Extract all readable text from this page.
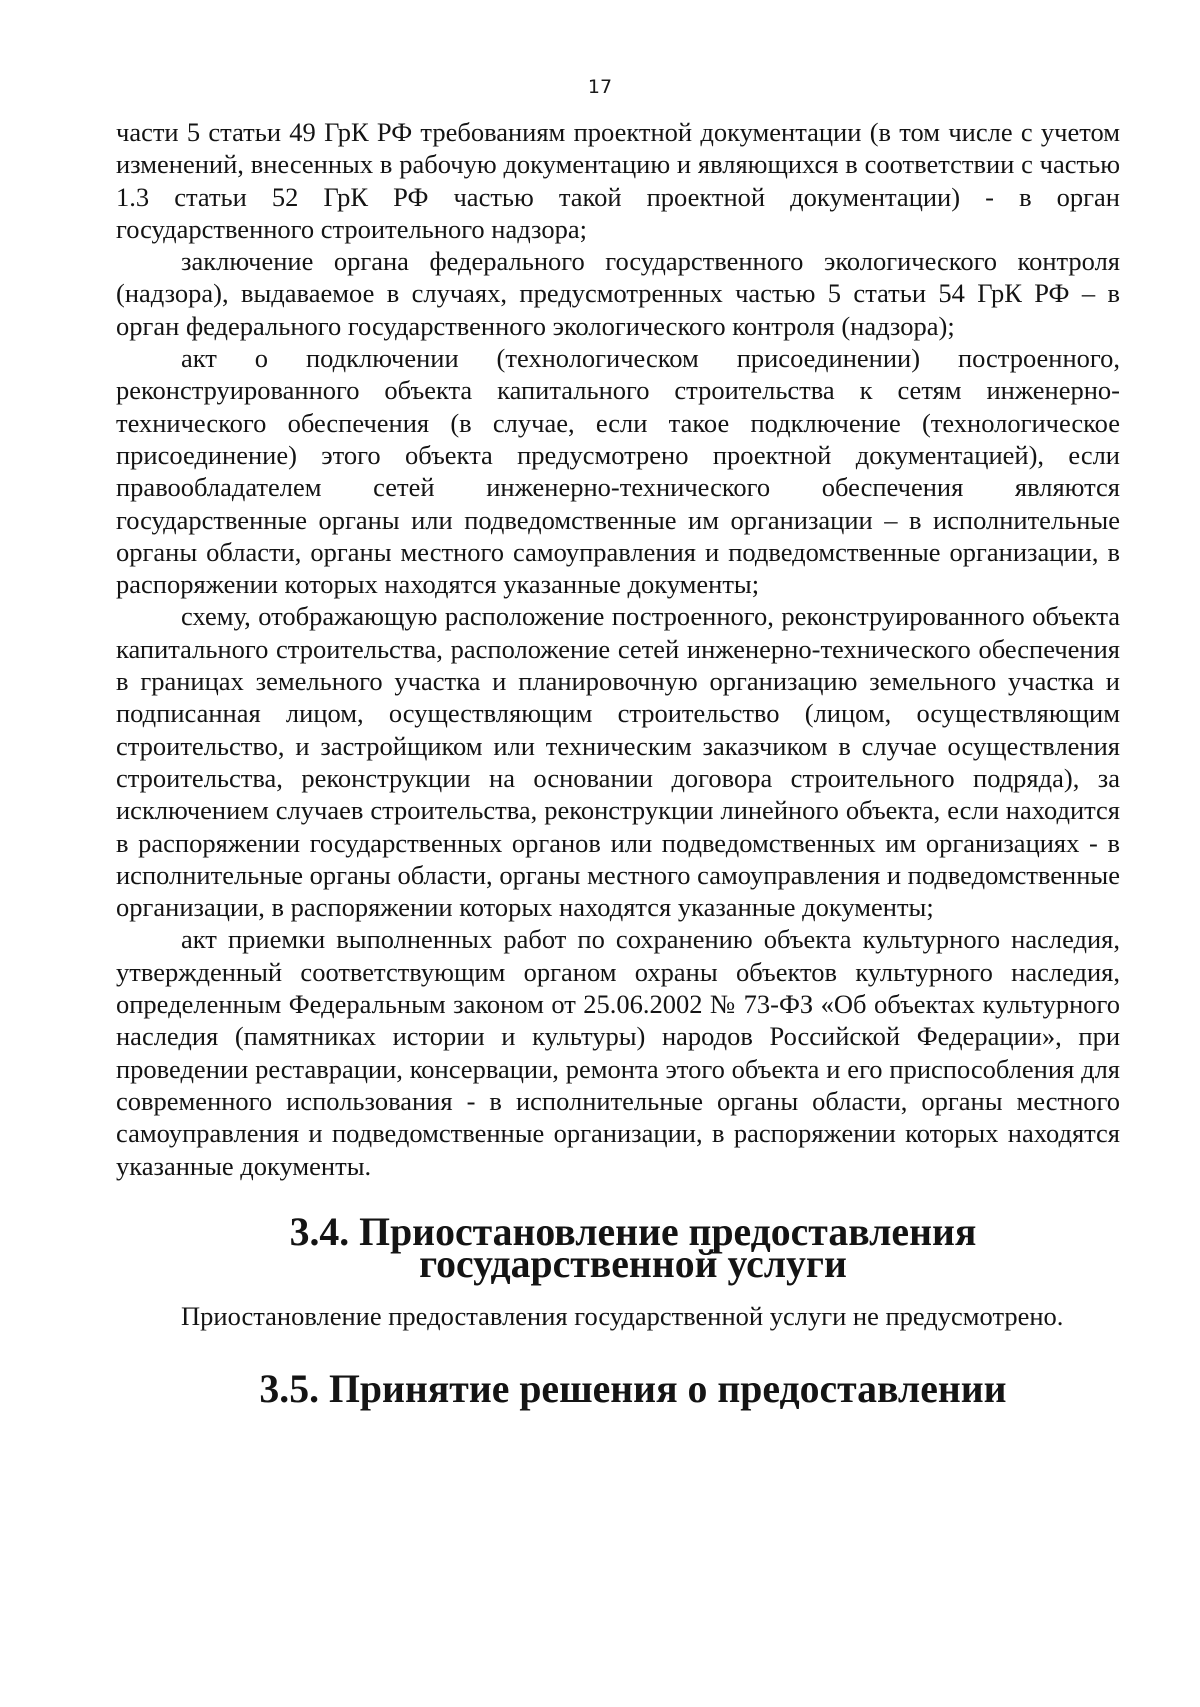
17

части 5 статьи 49 ГрК РФ требованиям проектной документации (в том числе с учетом изменений, внесенных в рабочую документацию и являющихся в соответствии с частью 1.3 статьи 52 ГрК РФ частью такой проектной документации) - в орган государственного строительного надзора;

заключение органа федерального государственного экологического контроля (надзора), выдаваемое в случаях, предусмотренных частью 5 статьи 54 ГрК РФ – в орган федерального государственного экологического контроля (надзора);

акт о подключении (технологическом присоединении) построенного, реконструированного объекта капитального строительства к сетям инженерно-технического обеспечения (в случае, если такое подключение (технологическое присоединение) этого объекта предусмотрено проектной документацией), если правообладателем сетей инженерно-технического обеспечения являются государственные органы или подведомственные им организации – в исполнительные органы области, органы местного самоуправления и подведомственные организации, в распоряжении которых находятся указанные документы;

схему, отображающую расположение построенного, реконструированного объекта капитального строительства, расположение сетей инженерно-технического обеспечения в границах земельного участка и планировочную организацию земельного участка и подписанная лицом, осуществляющим строительство (лицом, осуществляющим строительство, и застройщиком или техническим заказчиком в случае осуществления строительства, реконструкции на основании договора строительного подряда), за исключением случаев строительства, реконструкции линейного объекта, если находится в распоряжении государственных органов или подведомственных им организациях - в исполнительные органы области, органы местного самоуправления и подведомственные организации, в распоряжении которых находятся указанные документы;

акт приемки выполненных работ по сохранению объекта культурного наследия, утвержденный соответствующим органом охраны объектов культурного наследия, определенным Федеральным законом от 25.06.2002 № 73-ФЗ «Об объектах культурного наследия (памятниках истории и культуры) народов Российской Федерации», при проведении реставрации, консервации, ремонта этого объекта и его приспособления для современного использования - в исполнительные органы области, органы местного самоуправления и подведомственные организации, в распоряжении которых находятся указанные документы.

3.4. Приостановление предоставления государственной услуги

Приостановление предоставления государственной услуги не предусмотрено.

3.5. Принятие решения о предоставлении
